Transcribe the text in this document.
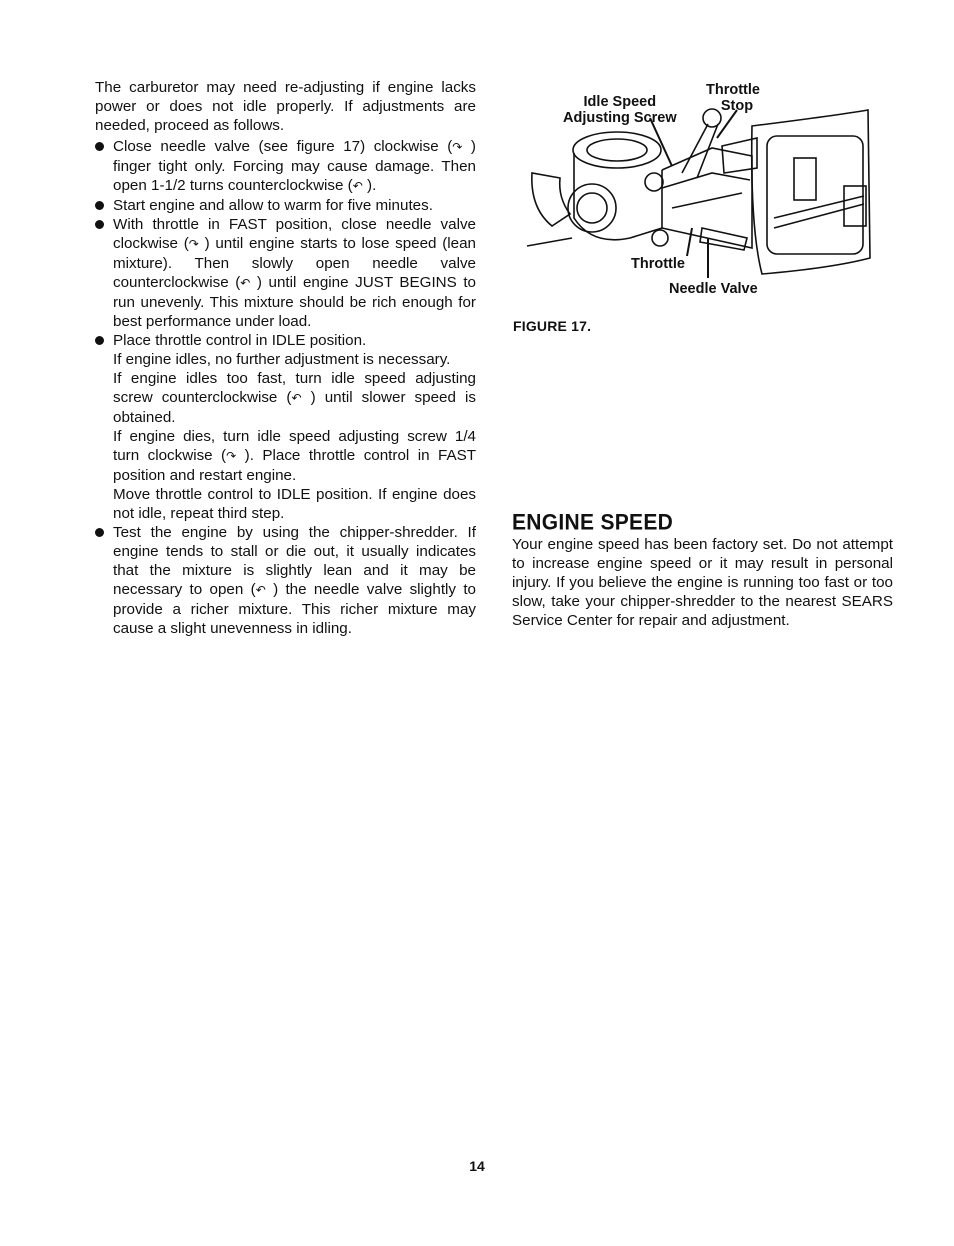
The carburetor may need re-adjusting if engine lacks power or does not idle properly. If adjustments are needed, proceed as follows.

Close needle valve (see figure 17) clockwise (↷ ) finger tight only. Forcing may cause damage. Then open 1-1/2 turns counterclockwise (↶ ).

Start engine and allow to warm for five minutes.

With throttle in FAST position, close needle valve clockwise (↷ ) until engine starts to lose speed (lean mixture). Then slowly open needle valve counterclockwise (↶ ) until engine JUST BEGINS to run unevenly. This mixture should be rich enough for best performance under load.

Place throttle control in IDLE position.

If engine idles, no further adjustment is necessary.

If engine idles too fast, turn idle speed adjusting screw counterclockwise (↶ ) until slower speed is obtained.

If engine dies, turn idle speed adjusting screw 1/4 turn clockwise (↷ ). Place throttle control in FAST position and restart engine.

Move throttle control to IDLE position. If engine does not idle, repeat third step.

Test the engine by using the chipper-shredder. If engine tends to stall or die out, it usually indicates that the mixture is slightly lean and it may be necessary to open (↶ ) the needle valve slightly to provide a richer mixture. This richer mixture may cause a slight unevenness in idling.

Idle Speed
Adjusting Screw
Throttle
Stop
Throttle
Needle Valve
FIGURE 17.
ENGINE SPEED

Your engine speed has been factory set. Do not attempt to increase engine speed or it may result in personal injury. If you believe the engine is running too fast or too slow, take your chipper-shredder to the nearest SEARS Service Center for repair and adjustment.

14
